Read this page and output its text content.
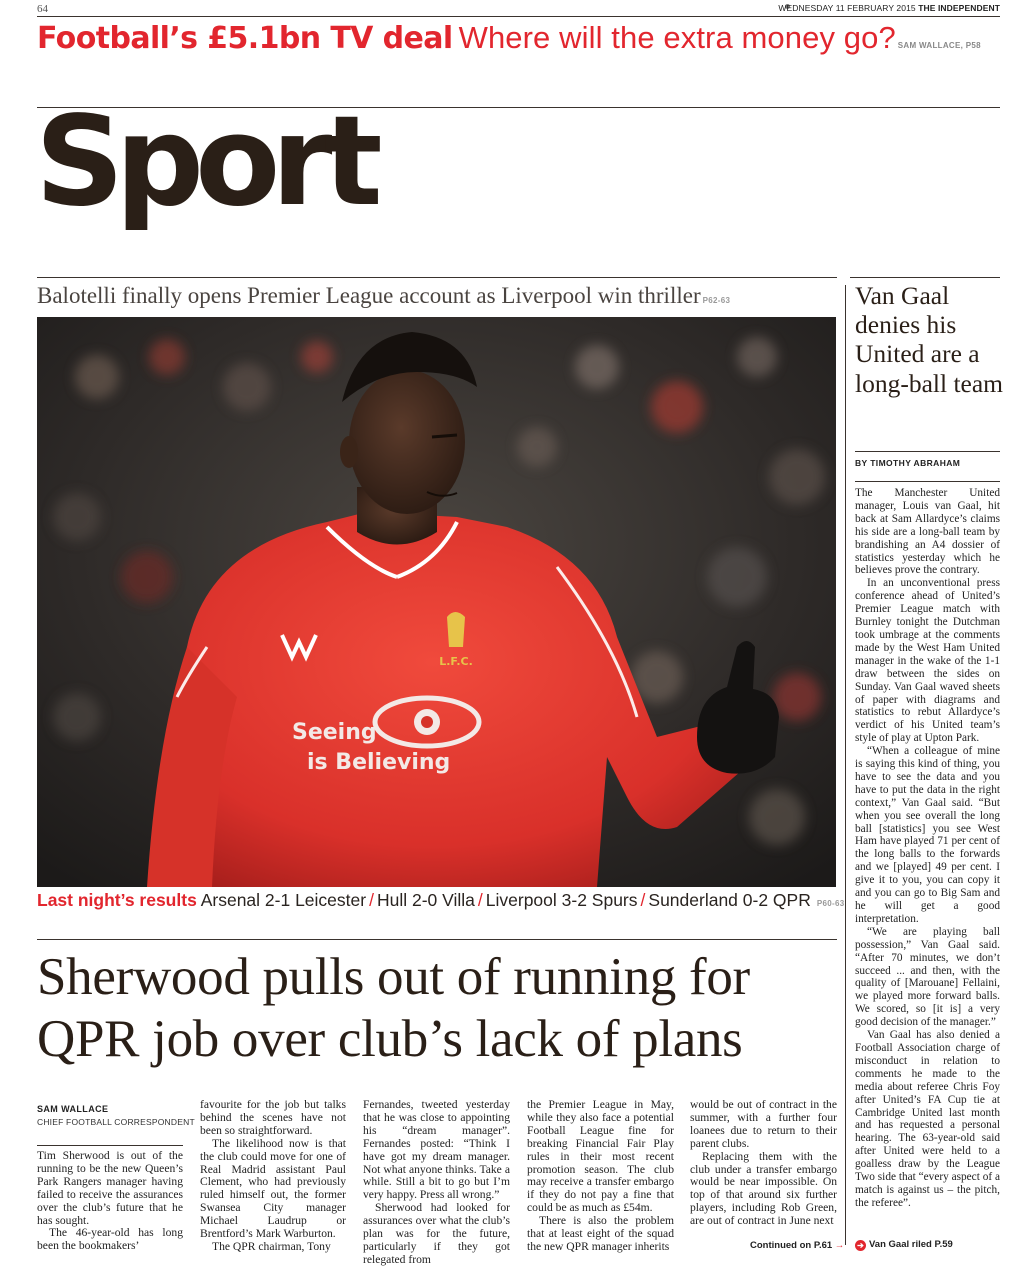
64	WEDNESDAY 11 FEBRUARY 2015 THE INDEPENDENT
Football’s £5.1bn TV deal Where will the extra money go? SAM WALLACE, P58
Sport
Balotelli finally opens Premier League account as Liverpool win thriller P62-63
L.F.C.
Seeing
is Believing
Last night’s results Arsenal 2-1 Leicester / Hull 2-0 Villa / Liverpool 3-2 Spurs / Sunderland 0-2 QPR P60-63
Sherwood pulls out of running for QPR job over club’s lack of plans
SAM WALLACE
CHIEF FOOTBALL CORRESPONDENT

Tim Sherwood is out of the running to be the new Queen’s Park Rangers manager having failed to receive the assurances over the club’s future that he has sought.

The 46-year-old has long been the bookmakers’

favourite for the job but talks behind the scenes have not been so straightforward.

The likelihood now is that the club could move for one of Real Madrid assistant Paul Clement, who had previously ruled himself out, the former Swansea City manager Michael Laudrup or Brentford’s Mark Warburton.

The QPR chairman, Tony

Fernandes, tweeted yesterday that he was close to appointing his “dream manager”. Fernandes posted: “Think I have got my dream manager. Not what anyone thinks. Take a while. Still a bit to go but I’m very happy. Press all wrong.”

Sherwood had looked for assurances over what the club’s plan was for the future, particularly if they got relegated from

the Premier League in May, while they also face a potential Football League fine for breaking Financial Fair Play rules in their most recent promotion season. The club may receive a transfer embargo if they do not pay a fine that could be as much as £54m.

There is also the problem that at least eight of the squad the new QPR manager inherits

would be out of contract in the summer, with a further four loanees due to return to their parent clubs.

Replacing them with the club under a transfer embargo would be near impossible. On top of that around six further players, including Rob Green, are out of contract in June next

Continued on P.61 →
Van Gaal denies his United are a long-ball team
BY TIMOTHY ABRAHAM

The Manchester United manager, Louis van Gaal, hit back at Sam Allardyce’s claims his side are a long-ball team by brandishing an A4 dossier of statistics yesterday which he believes prove the contrary.

In an unconventional press conference ahead of United’s Premier League match with Burnley tonight the Dutchman took umbrage at the comments made by the West Ham United manager in the wake of the 1-1 draw between the sides on Sunday. Van Gaal waved sheets of paper with diagrams and statistics to rebut Allardyce’s verdict of his United team’s style of play at Upton Park.

“When a colleague of mine is saying this kind of thing, you have to see the data and you have to put the data in the right context,” Van Gaal said. “But when you see overall the long ball [statistics] you see West Ham have played 71 per cent of the long balls to the forwards and we [played] 49 per cent. I give it to you, you can copy it and you can go to Big Sam and he will get a good interpretation.

“We are playing ball possession,” Van Gaal said. “After 70 minutes, we don’t succeed ... and then, with the quality of [Marouane] Fellaini, we played more forward balls. We scored, so [it is] a very good decision of the manager.”

Van Gaal has also denied a Football Association charge of misconduct in relation to comments he made to the media about referee Chris Foy after United’s FA Cup tie at Cambridge United last month and has requested a personal hearing. The 63-year-old said after United were held to a goalless draw by the League Two side that “every aspect of a match is against us – the pitch, the referee”.

➔ Van Gaal riled P.59
